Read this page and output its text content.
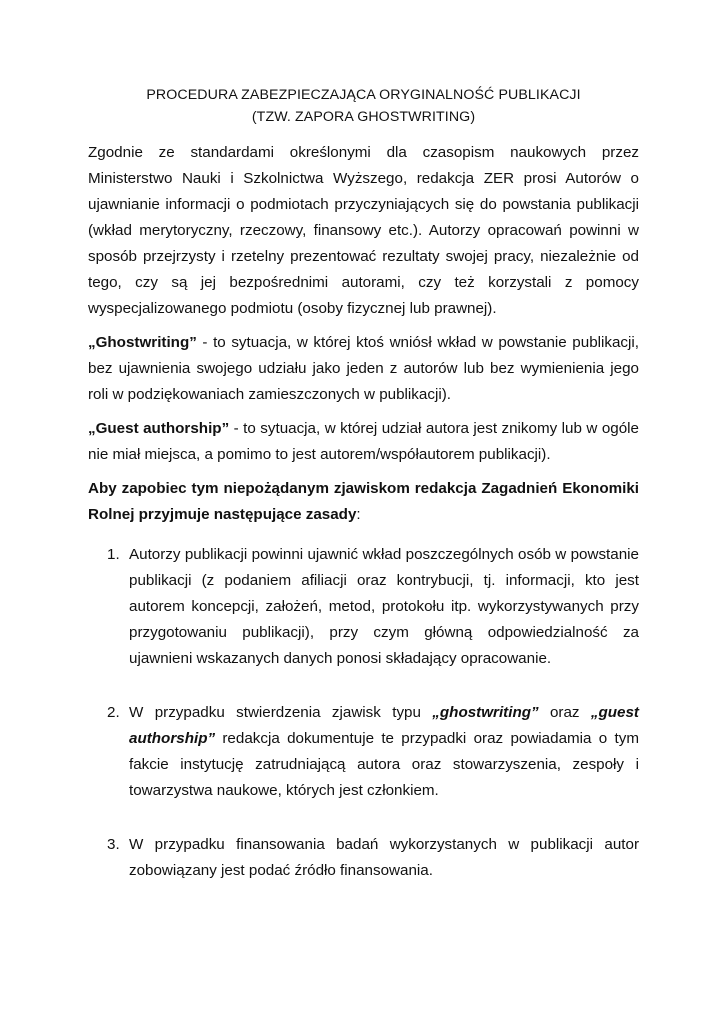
PROCEDURA ZABEZPIECZAJĄCA ORYGINALNOŚĆ PUBLIKACJI

(TZW. ZAPORA GHOSTWRITING)

Zgodnie ze standardami określonymi dla czasopism naukowych przez Ministerstwo Nauki i Szkolnictwa Wyższego, redakcja ZER prosi Autorów o ujawnianie informacji o podmiotach przyczyniających się do powstania publikacji (wkład merytoryczny, rzeczowy, finansowy etc.). Autorzy opracowań powinni w sposób przejrzysty i rzetelny prezentować rezultaty swojej pracy, niezależnie od tego, czy są jej bezpośrednimi autorami, czy też korzystali z pomocy wyspecjalizowanego podmiotu (osoby fizycznej lub prawnej).

„Ghostwriting” - to sytuacja, w której ktoś wniósł wkład w powstanie publikacji, bez ujawnienia swojego udziału jako jeden z autorów lub bez wymienienia jego roli w podziękowaniach zamieszczonych w publikacji).

„Guest authorship” - to sytuacja, w której udział autora jest znikomy lub w ogóle nie miał miejsca, a pomimo to jest autorem/współautorem publikacji).

Aby zapobiec tym niepożądanym zjawiskom redakcja Zagadnień Ekonomiki Rolnej przyjmuje następujące zasady:

1. Autorzy publikacji powinni ujawnić wkład poszczególnych osób w powstanie publikacji (z podaniem afiliacji oraz kontrybucji, tj. informacji, kto jest autorem koncepcji, założeń, metod, protokołu itp. wykorzystywanych przy przygotowaniu publikacji), przy czym główną odpowiedzialność za ujawnieni wskazanych danych ponosi składający opracowanie.
2. W przypadku stwierdzenia zjawisk typu „ghostwriting” oraz „guest authorship” redakcja dokumentuje te przypadki oraz powiadamia o tym fakcie instytucję zatrudniającą autora oraz stowarzyszenia, zespoły i towarzystwa naukowe, których jest członkiem.
3. W przypadku finansowania badań wykorzystanych w publikacji autor zobowiązany jest podać źródło finansowania.
